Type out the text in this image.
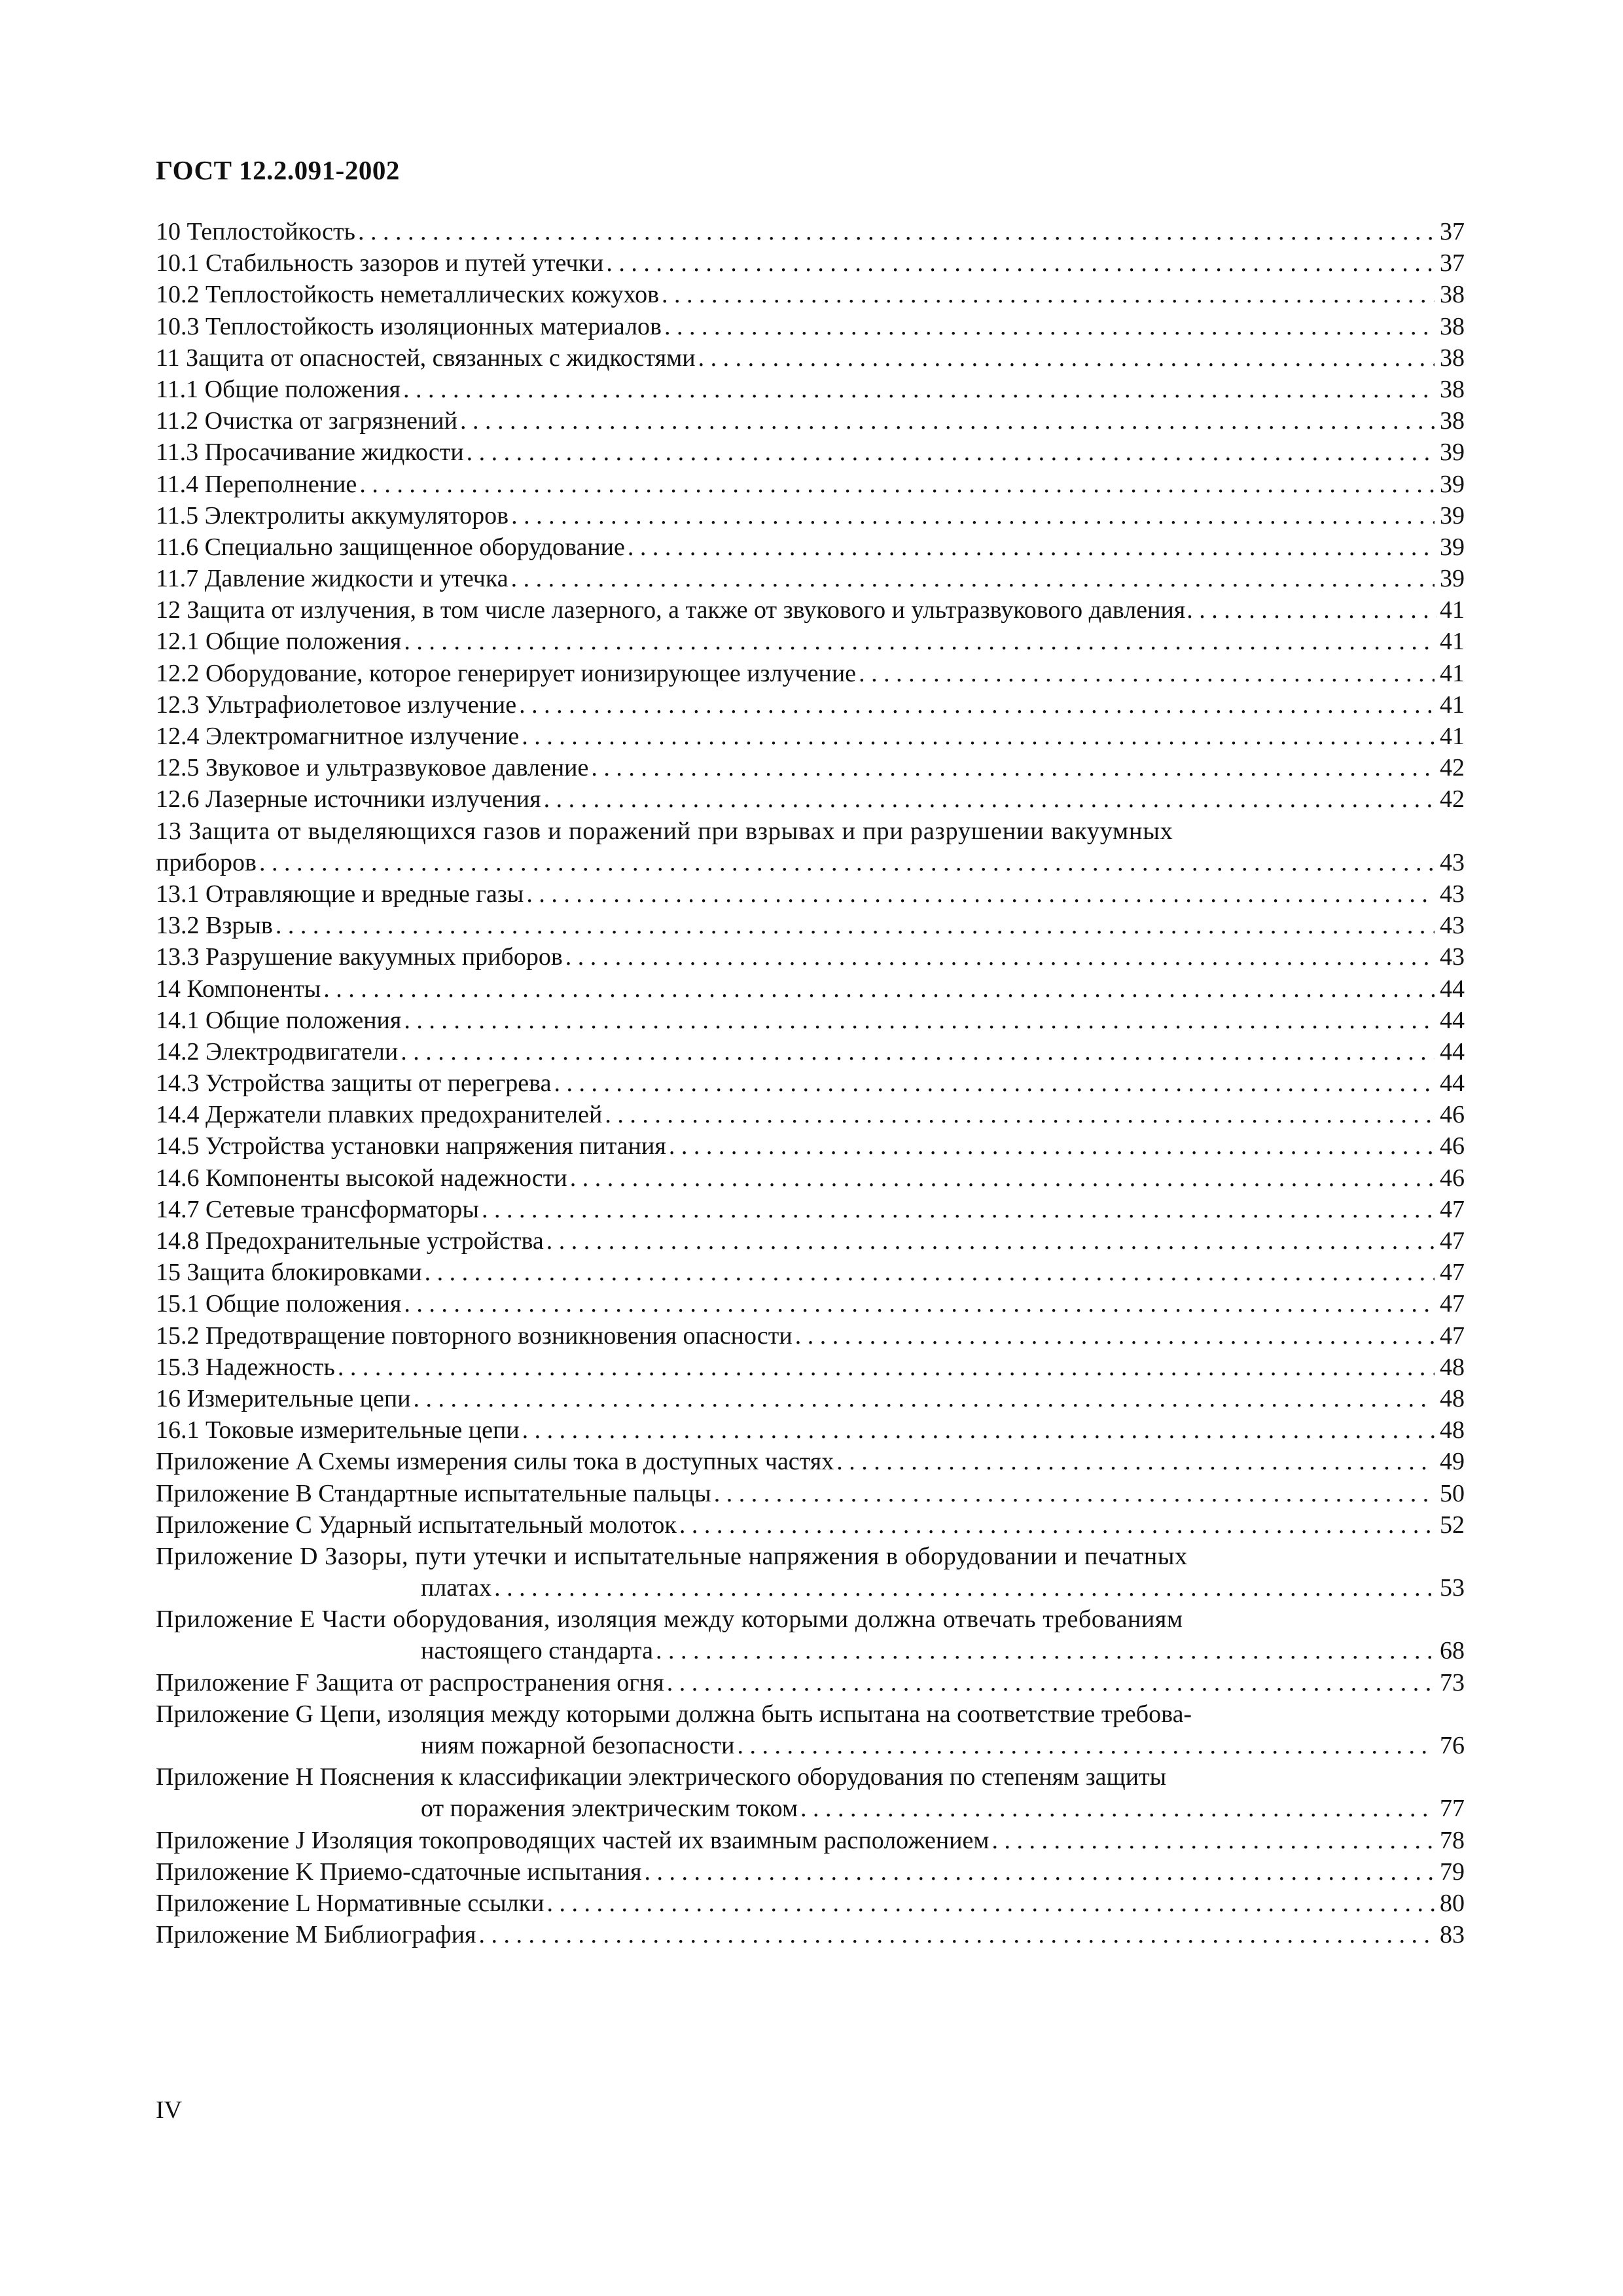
ГОСТ 12.2.091-2002
10 Теплостойкость . . .	37
10.1 Стабильность зазоров и путей утечки . . .	37
10.2 Теплостойкость неметаллических кожухов . . .	38
10.3 Теплостойкость изоляционных материалов . . .	38
11 Защита от опасностей, связанных с жидкостями . . .	38
11.1 Общие положения . . .	38
11.2 Очистка от загрязнений . . .	38
11.3 Просачивание жидкости . . .	39
11.4 Переполнение . . .	39
11.5 Электролиты аккумуляторов . . .	39
11.6 Специально защищенное оборудование . . .	39
11.7 Давление жидкости и утечка . . .	39
12 Защита от излучения, в том числе лазерного, а также от звукового и ультразвукового давления . . .	41
12.1 Общие положения . . .	41
12.2 Оборудование, которое генерирует ионизирующее излучение . . .	41
12.3 Ультрафиолетовое излучение . . .	41
12.4 Электромагнитное излучение . . .	41
12.5 Звуковое и ультразвуковое давление . . .	42
12.6 Лазерные источники излучения . . .	42
13 Защита от выделяющихся газов и поражений при взрывах и при разрушении вакуумных
приборов . . .	43
13.1 Отравляющие и вредные газы . . .	43
13.2 Взрыв . . .	43
13.3 Разрушение вакуумных приборов . . .	43
14 Компоненты . . .	44
14.1 Общие положения . . .	44
14.2 Электродвигатели . . .	44
14.3 Устройства защиты от перегрева . . .	44
14.4 Держатели плавких предохранителей . . .	46
14.5 Устройства установки напряжения питания . . .	46
14.6 Компоненты высокой надежности . . .	46
14.7 Сетевые трансформаторы . . .	47
14.8 Предохранительные устройства . . .	47
15 Защита блокировками . . .	47
15.1 Общие положения . . .	47
15.2 Предотвращение повторного возникновения опасности . . .	47
15.3 Надежность . . .	48
16 Измерительные цепи . . .	48
16.1 Токовые измерительные цепи . . .	48
Приложение A Схемы измерения силы тока в доступных частях . . .	49
Приложение B Стандартные испытательные пальцы . . .	50
Приложение C Ударный испытательный молоток . . .	52
Приложение D Зазоры, пути утечки и испытательные напряжения в оборудовании и печатных
платах . . .	53
Приложение E Части оборудования, изоляция между которыми должна отвечать требованиям
настоящего стандарта . . .	68
Приложение F Защита от распространения огня . . .	73
Приложение G Цепи, изоляция между которыми должна быть испытана на соответствие требова-
ниям пожарной безопасности . . .	76
Приложение H Пояснения к классификации электрического оборудования по степеням защиты
от поражения электрическим током . . .	77
Приложение J Изоляция токопроводящих частей их взаимным расположением . . .	78
Приложение K Приемо-сдаточные испытания . . .	79
Приложение L Нормативные ссылки . . .	80
Приложение M Библиография . . .	83
IV
